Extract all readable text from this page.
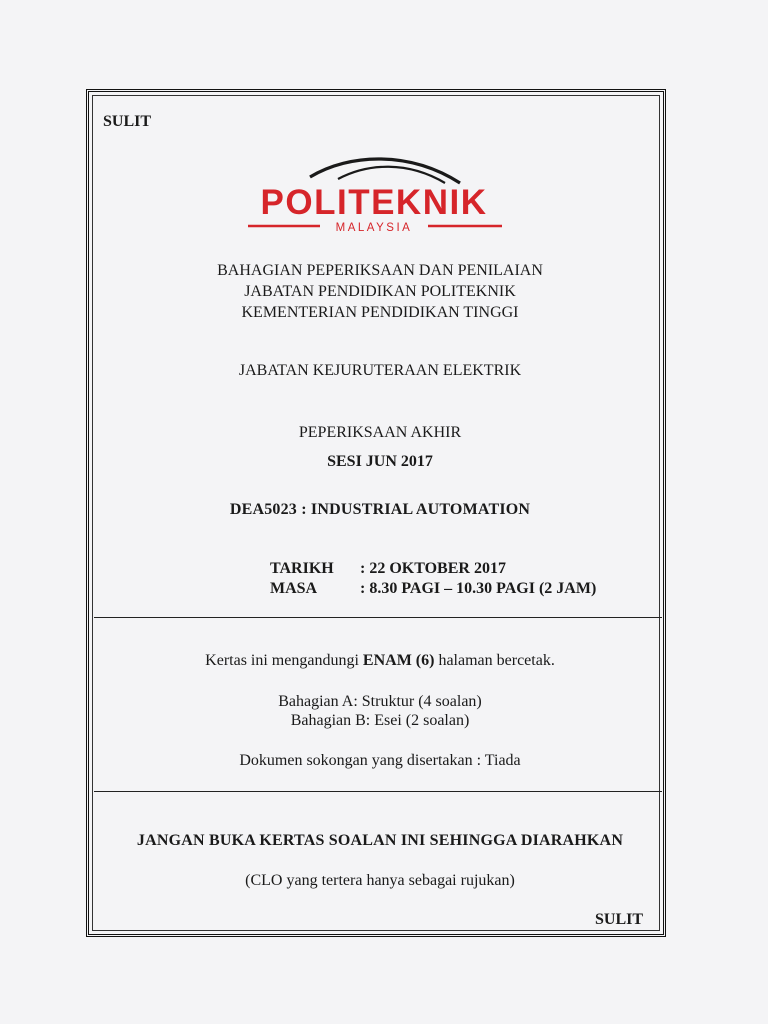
SULIT
POLITEKNIK
MALAYSIA
BAHAGIAN PEPERIKSAAN DAN PENILAIAN
JABATAN PENDIDIKAN POLITEKNIK
KEMENTERIAN PENDIDIKAN TINGGI
JABATAN KEJURUTERAAN ELEKTRIK
PEPERIKSAAN AKHIR
SESI JUN 2017
DEA5023 : INDUSTRIAL AUTOMATION
TARIKH : 22 OKTOBER 2017
MASA	: 8.30 PAGI – 10.30 PAGI (2 JAM)
Kertas ini mengandungi ENAM (6) halaman bercetak.
Bahagian A: Struktur (4 soalan)
Bahagian B: Esei (2 soalan)
Dokumen sokongan yang disertakan : Tiada
JANGAN BUKA KERTAS SOALAN INI SEHINGGA DIARAHKAN
(CLO yang tertera hanya sebagai rujukan)
SULIT
